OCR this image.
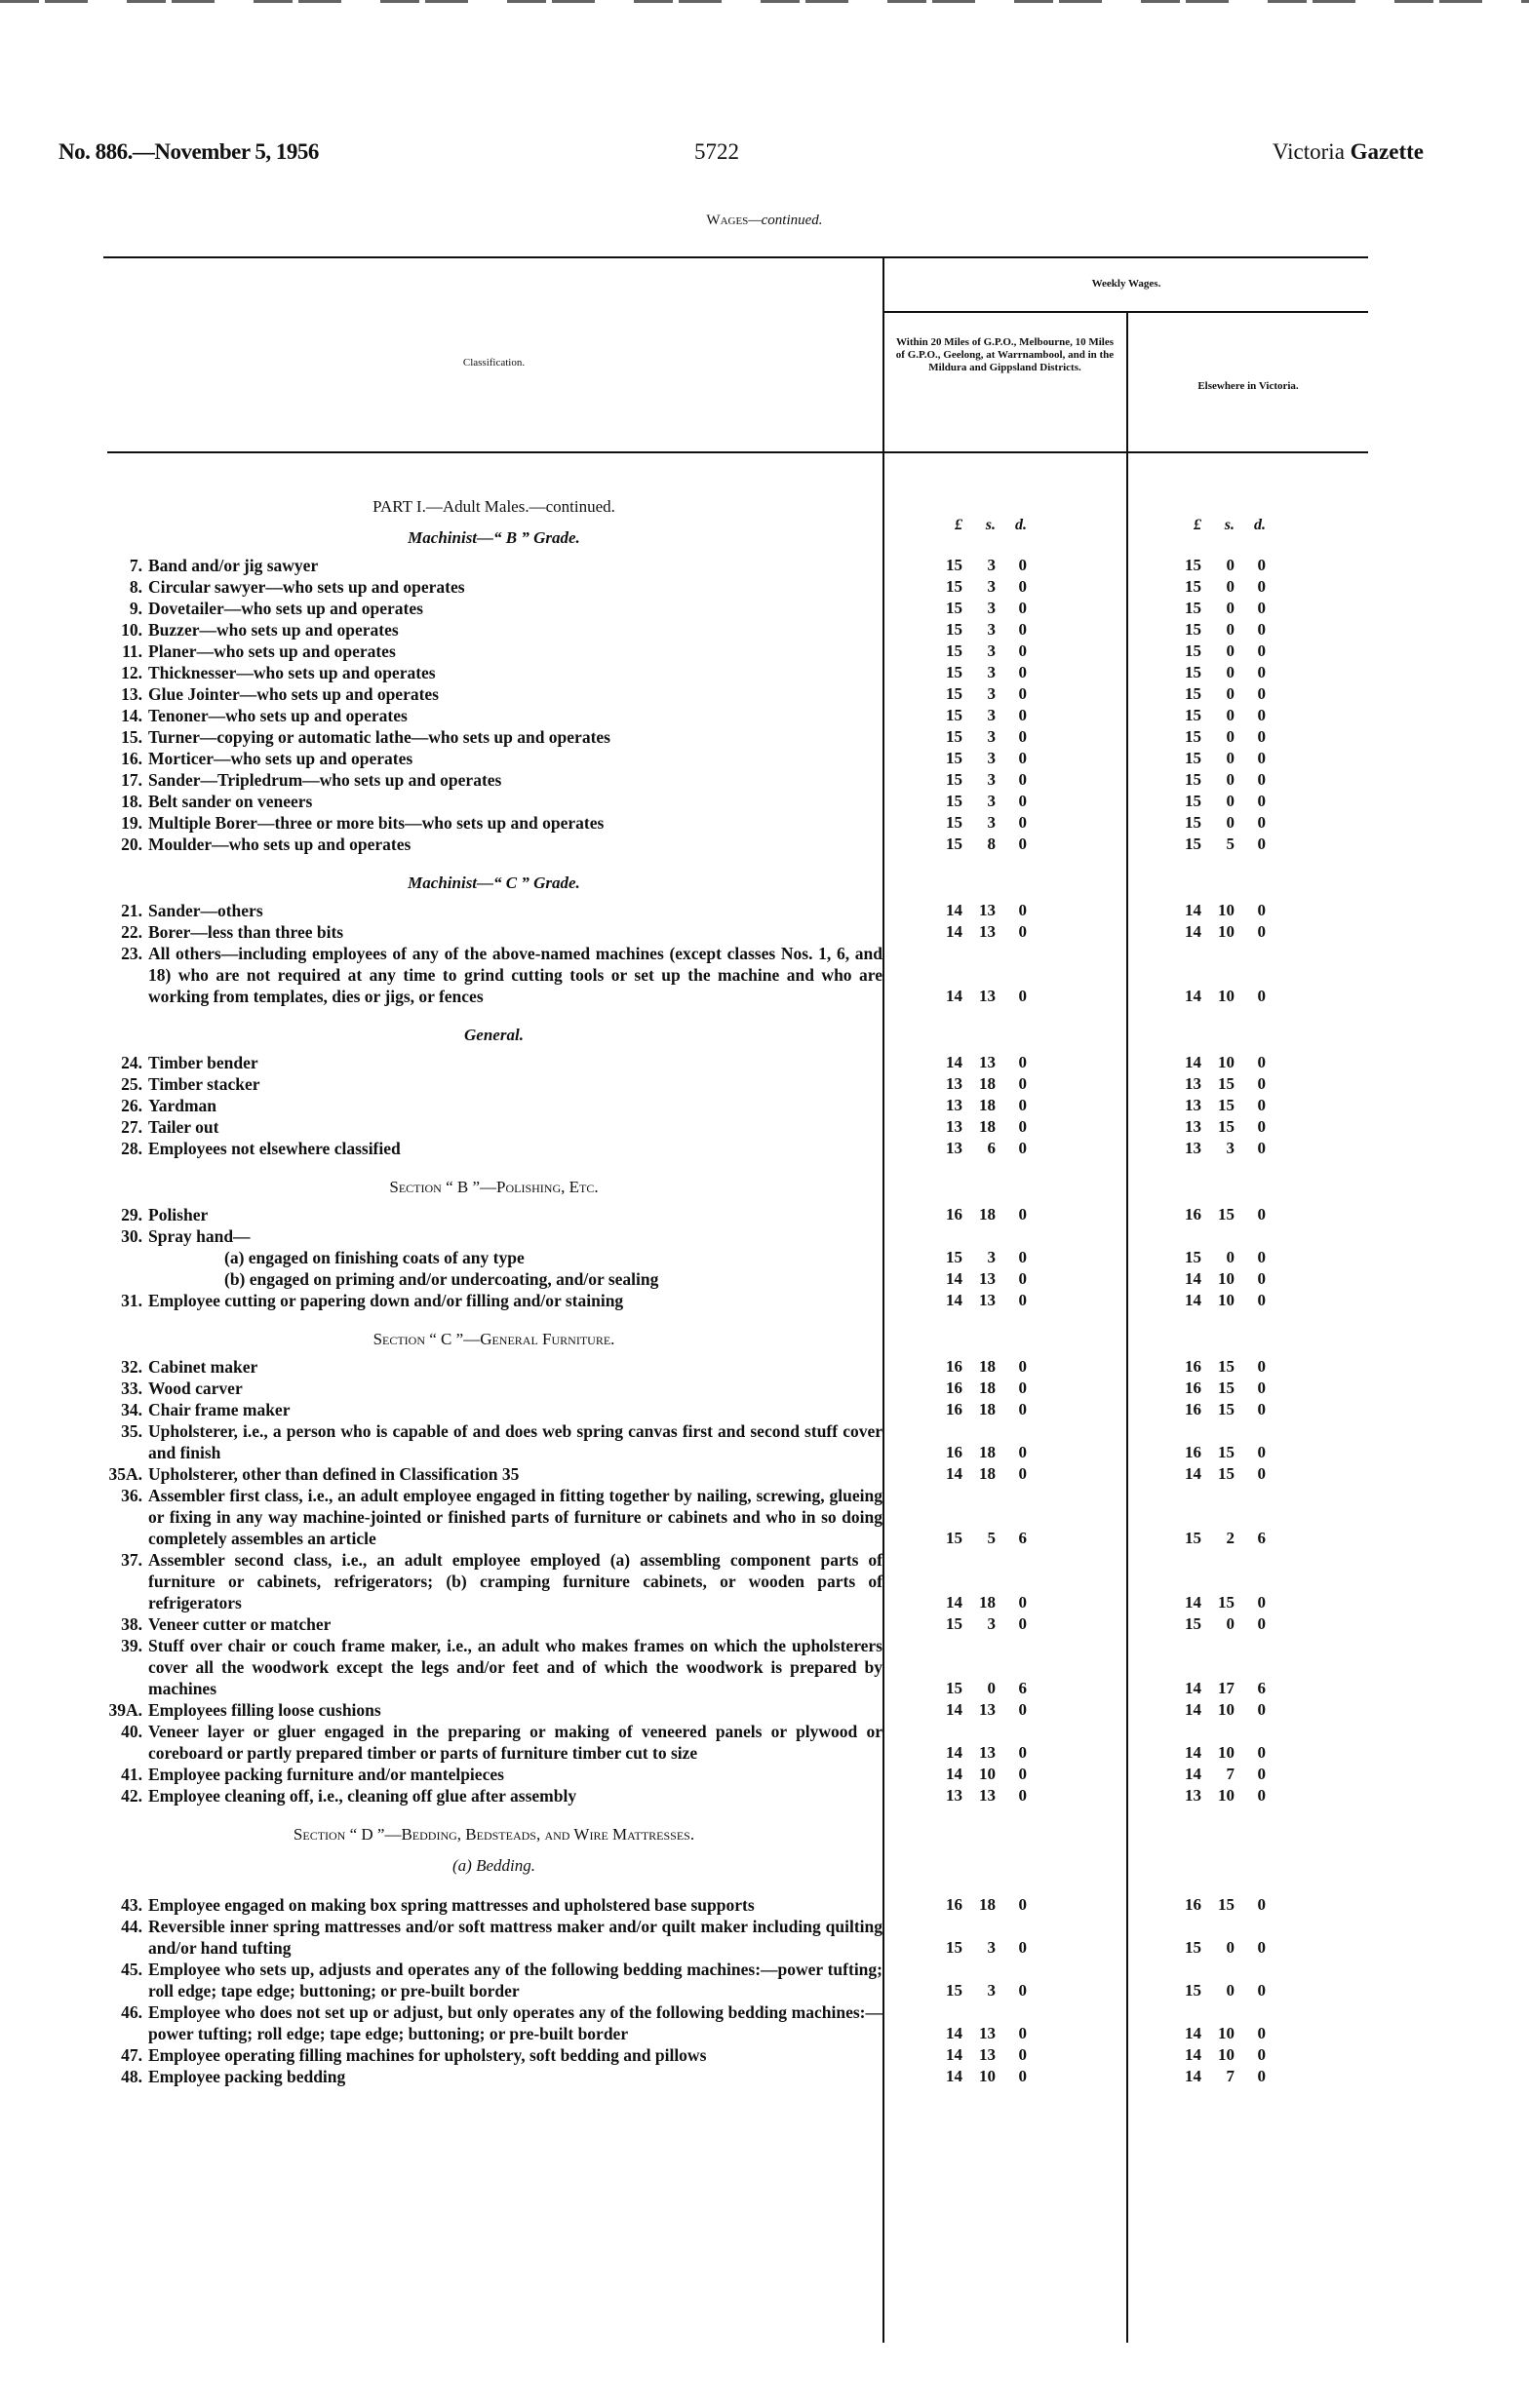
No. 886.—November 5, 1956	5722	Victoria Gazette
Wages—continued.
Classification.
Weekly Wages.
Within 20 Miles of G.P.O., Melbourne, 10 Miles of G.P.O., Geelong, at Warrnambool, and in the Mildura and Gippsland Districts.
Elsewhere in Victoria.
£	s.	d.	£	s.	d.
PART I.—Adult Males.—continued.
Machinist—“ B ” Grade.
7. Band and/or jig sawyer	15	3	0	15	0	0
8. Circular sawyer—who sets up and operates	15	3	0	15	0	0
9. Dovetailer—who sets up and operates	15	3	0	15	0	0
10. Buzzer—who sets up and operates	15	3	0	15	0	0
11. Planer—who sets up and operates	15	3	0	15	0	0
12. Thicknesser—who sets up and operates	15	3	0	15	0	0
13. Glue Jointer—who sets up and operates	15	3	0	15	0	0
14. Tenoner—who sets up and operates	15	3	0	15	0	0
15. Turner—copying or automatic lathe—who sets up and operates	15	3	0	15	0	0
16. Morticer—who sets up and operates	15	3	0	15	0	0
17. Sander—Tripledrum—who sets up and operates	15	3	0	15	0	0
18. Belt sander on veneers	15	3	0	15	0	0
19. Multiple Borer—three or more bits—who sets up and operates	15	3	0	15	0	0
20. Moulder—who sets up and operates	15	8	0	15	5	0
Machinist—“ C ” Grade.
21. Sander—others	14	13	0	14	10	0
22. Borer—less than three bits	14	13	0	14	10	0
23. All others—including employees of any of the above-named machines (except classes Nos. 1, 6, and 18) who are not required at any time to grind cutting tools or set up the machine and who are working from templates, dies or jigs, or fences	14	13	0	14	10	0
General.
24. Timber bender	14	13	0	14	10	0
25. Timber stacker	13	18	0	13	15	0
26. Yardman	13	18	0	13	15	0
27. Tailer out	13	18	0	13	15	0
28. Employees not elsewhere classified	13	6	0	13	3	0
Section “ B ”—Polishing, Etc.
29. Polisher	16	18	0	16	15	0
30. Spray hand—
(a) engaged on finishing coats of any type	15	3	0	15	0	0
(b) engaged on priming and/or undercoating, and/or sealing	14	13	0	14	10	0
31. Employee cutting or papering down and/or filling and/or staining	14	13	0	14	10	0
Section “ C ”—General Furniture.
32. Cabinet maker	16	18	0	16	15	0
33. Wood carver	16	18	0	16	15	0
34. Chair frame maker	16	18	0	16	15	0
35. Upholsterer, i.e., a person who is capable of and does web spring canvas first and second stuff cover and finish	16	18	0	16	15	0
35A. Upholsterer, other than defined in Classification 35	14	18	0	14	15	0
36. Assembler first class, i.e., an adult employee engaged in fitting together by nailing, screwing, glueing or fixing in any way machine-jointed or finished parts of furniture or cabinets and who in so doing completely assembles an article	15	5	6	15	2	6
37. Assembler second class, i.e., an adult employee employed (a) assembling component parts of furniture or cabinets, refrigerators; (b) cramping furniture cabinets, or wooden parts of refrigerators	14	18	0	14	15	0
38. Veneer cutter or matcher	15	3	0	15	0	0
39. Stuff over chair or couch frame maker, i.e., an adult who makes frames on which the upholsterers cover all the woodwork except the legs and/or feet and of which the woodwork is prepared by machines	15	0	6	14	17	6
39A. Employees filling loose cushions	14	13	0	14	10	0
40. Veneer layer or gluer engaged in the preparing or making of veneered panels or plywood or coreboard or partly prepared timber or parts of furniture timber cut to size	14	13	0	14	10	0
41. Employee packing furniture and/or mantelpieces	14	10	0	14	7	0
42. Employee cleaning off, i.e., cleaning off glue after assembly	13	13	0	13	10	0
Section “ D ”—Bedding, Bedsteads, and Wire Mattresses.
(a) Bedding.
43. Employee engaged on making box spring mattresses and upholstered base supports	16	18	0	16	15	0
44. Reversible inner spring mattresses and/or soft mattress maker and/or quilt maker including quilting and/or hand tufting	15	3	0	15	0	0
45. Employee who sets up, adjusts and operates any of the following bedding machines:—power tufting; roll edge; tape edge; buttoning; or pre-built border	15	3	0	15	0	0
46. Employee who does not set up or adjust, but only operates any of the following bedding machines:—power tufting; roll edge; tape edge; buttoning; or pre-built border	14	13	0	14	10	0
47. Employee operating filling machines for upholstery, soft bedding and pillows	14	13	0	14	10	0
48. Employee packing bedding	14	10	0	14	7	0
